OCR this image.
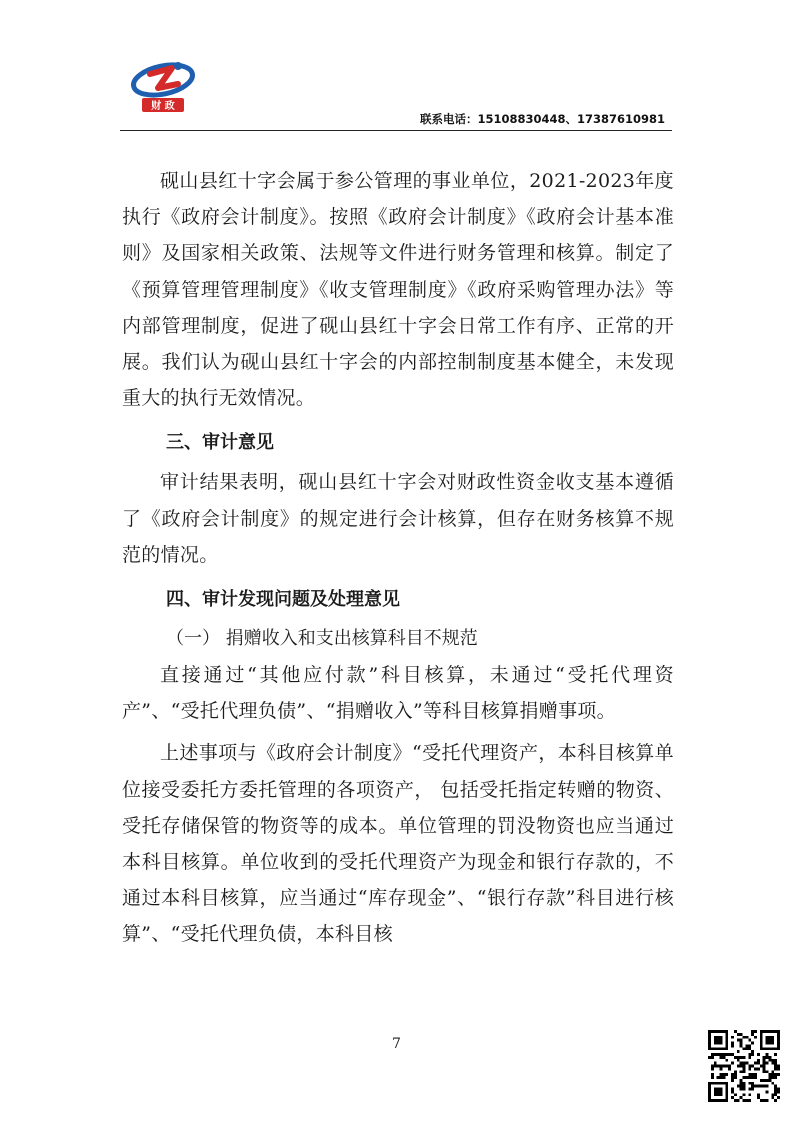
财 政
联系电话：15108830448、17387610981

砚山县红十字会属于参公管理的事业单位，2021-2023年度执行《政府会计制度》。按照《政府会计制度》《政府会计基本准则》及国家相关政策、法规等文件进行财务管理和核算。制定了《预算管理管理制度》《收支管理制度》《政府采购管理办法》等内部管理制度，促进了砚山县红十字会日常工作有序、正常的开展。我们认为砚山县红十字会的内部控制制度基本健全，未发现重大的执行无效情况。

三、审计意见

审计结果表明，砚山县红十字会对财政性资金收支基本遵循了《政府会计制度》的规定进行会计核算，但存在财务核算不规范的情况。

四、审计发现问题及处理意见
（一） 捐赠收入和支出核算科目不规范

直接通过“其他应付款”科目核算，未通过“受托代理资产”、“受托代理负债”、“捐赠收入”等科目核算捐赠事项。

上述事项与《政府会计制度》“受托代理资产，本科目核算单位接受委托方委托管理的各项资产， 包括受托指定转赠的物资、受托存储保管的物资等的成本。单位管理的罚没物资也应当通过本科目核算。单位收到的受托代理资产为现金和银行存款的，不通过本科目核算，应当通过“库存现金”、“银行存款”科目进行核算”、“受托代理负债，本科目核

7
